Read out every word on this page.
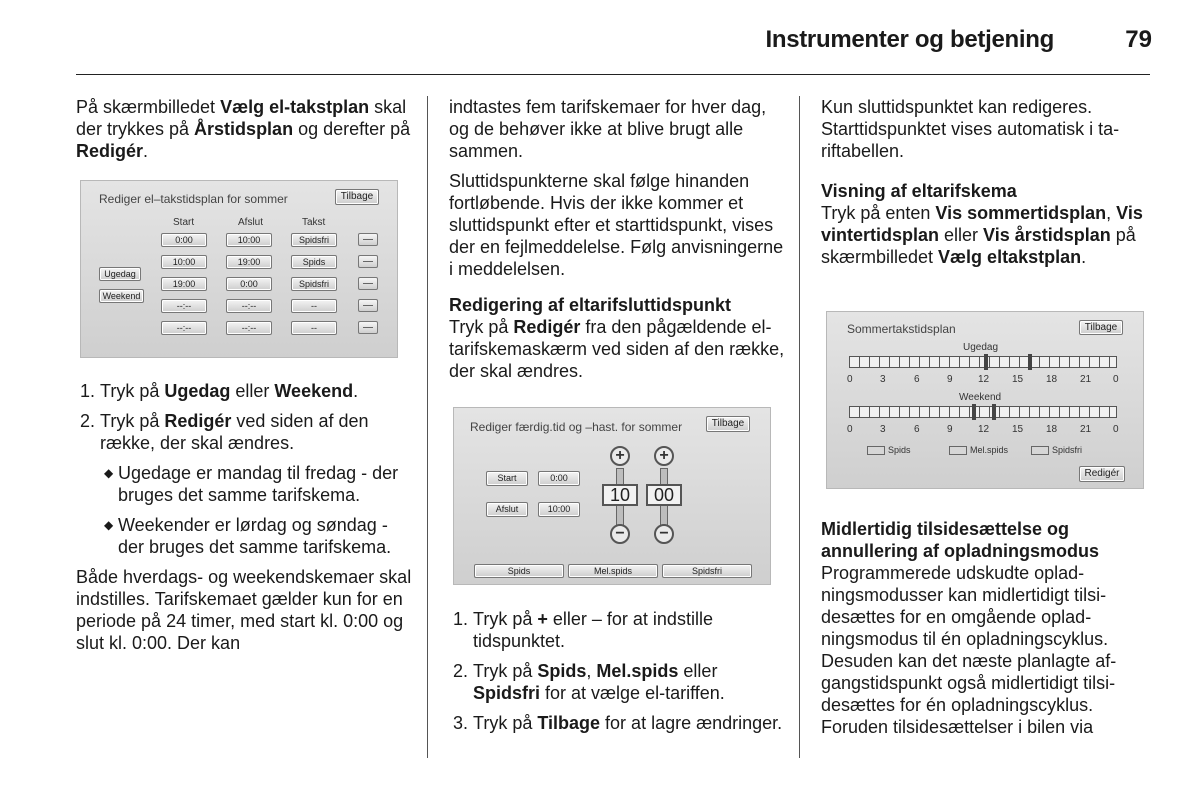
Instrumenter og betjening	79

På skærmbilledet Vælg el-takstplan skal der trykkes på Årstidsplan og derefter på Redigér.

Rediger el–takstidsplan for sommer	Tilbage
Start	Afslut	Takst
Ugedag
Weekend
0:00	10:00	Spidsfri
10:00	19:00	Spids
19:00	0:00	Spidsfri
--:--	--:--	--
--:--	--:--	--
1. Tryk på Ugedag eller Weekend.
2. Tryk på Redigér ved siden af den række, der skal ændres.
◆ Ugedage er mandag til fredag - der bruges det samme tarifskema.
◆ Weekender er lørdag og søndag - der bruges det samme tarifskema.

Både hverdags- og weekendskemaer skal indstilles. Tarifskemaet gælder kun for en periode på 24 timer, med start kl. 0:00 og slut kl. 0:00. Der kan

indtastes fem tarifskemaer for hver dag, og de behøver ikke at blive brugt alle sammen.

Sluttidspunkterne skal følge hinanden fortløbende. Hvis der ikke kommer et sluttidspunkt efter et starttidspunkt, vises der en fejlmeddelelse. Følg anvisningerne i meddelelsen.

Redigering af eltarifsluttidspunkt

Tryk på Redigér fra den pågældende el-tarifskemaskærm ved siden af den række, der skal ændres.

Rediger færdig.tid og –hast. for sommer	Tilbage
Start	0:00
Afslut	10:00
+
10
−
+
00
−
Spids	Mel.spids	Spidsfri
1. Tryk på + eller – for at indstille tidspunktet.
2. Tryk på Spids, Mel.spids eller Spidsfri for at vælge el-tariffen.
3. Tryk på Tilbage for at lagre ændringer.

Kun sluttidspunktet kan redigeres. Starttidspunktet vises automatisk i tariftabellen.

Visning af eltarifskema

Tryk på enten Vis sommertidsplan, Vis vintertidsplan eller Vis årstidsplan på skærmbilledet Vælg eltakstplan.

Sommertakstidsplan	Tilbage
Ugedag
0	3	6	9	12 15 18 21 0
Weekend
0	3	6	9	12 15 18 21 0
Spids	Mel.spids	Spidsfri
Redigér
Midlertidig tilsidesættelse og annullering af opladningsmodus

Programmerede udskudte opladningsmodusser kan midlertidigt tilsidesættes for en omgående opladningsmodus til én opladningscyklus. Desuden kan det næste planlagte afgangstidspunkt også midlertidigt tilsidesættes for én opladningscyklus. Foruden tilsidesættelser i bilen via
